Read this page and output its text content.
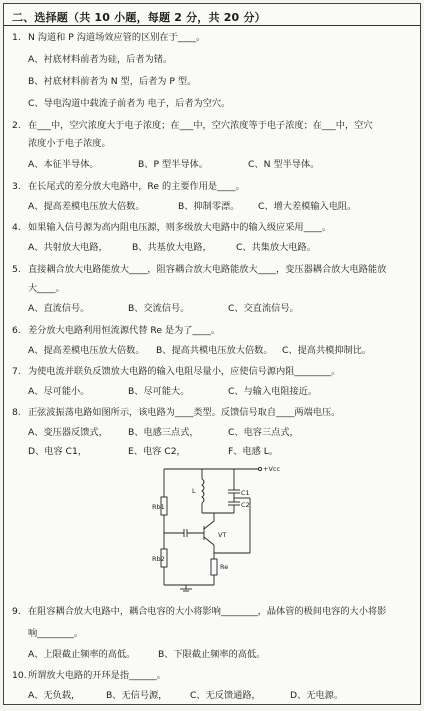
二、选择题（共 10 小题，每题 2 分，共 20 分）
1. N 沟道和 P 沟道场效应管的区别在于____。
A、衬底材料前者为硅，后者为锗。
B、衬底材料前者为 N 型，后者为 P 型。
C、导电沟道中载流子前者为 电子，后者为空穴。
2. 在___中，空穴浓度大于电子浓度；在___中，空穴浓度等于电子浓度；在___中，空穴
浓度小于电子浓度。
A、本征半导体。	B、P 型半导体。	C、N 型半导体。
3. 在长尾式的差分放大电路中，Re 的主要作用是____。
A、提高差模电压放大倍数。	B、抑制零漂。 C、增大差模输入电阻。
4. 如果输入信号源为高内阻电压源，则多级放大电路中的输入级应采用____。
A、共射放大电路，	B、共基放大电路，	C、共集放大电路。
5. 直接耦合放大电路能放大____，阻容耦合放大电路能放大____，变压器耦合放大电路能放
大____。
A、直流信号。	B、交流信号。	C、交直流信号。
6. 差分放大电路利用恒流源代替 Re 是为了____。
A、提高差模电压放大倍数。 B、提高共模电压放大倍数。 C、提高共模抑制比。
7. 为使电流并联负反馈放大电路的输入电阻尽量小，应使信号源内阻________。
A、尽可能小。	B、尽可能大。	C、与输入电阻接近。
8. 正弦波振荡电路如图所示，该电路为____类型。反馈信号取自____两端电压。
A、变压器反馈式， B、电感三点式，	C、电容三点式，
D、电容 C1，	E、电容 C2，	F、电感 L。
+Vcc
Rb1
Rb2
L	C1
C2
VT
Re
9. 在阻容耦合放大电路中，耦合电容的大小将影响________，晶体管的极间电容的大小将影
响________。
A、上限截止频率的高低。 B、下限截止频率的高低。
10.所谓放大电路的开环是指______。
A、无负载，	B、无信号源， C、无反馈通路，	D、无电源。
